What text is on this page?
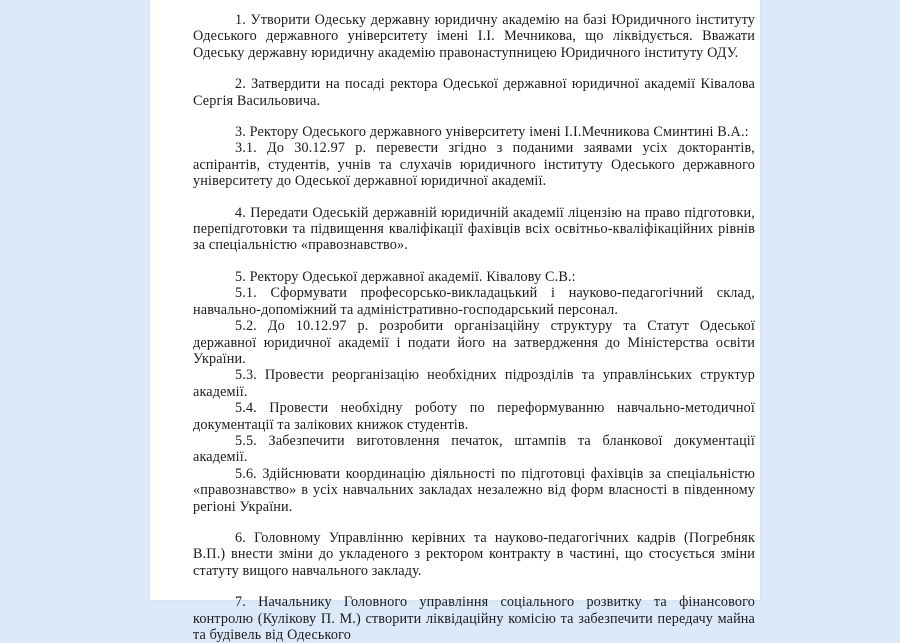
1. Утворити Одеську державну юридичну академію на базі Юридичного інституту Одеського державного університету імені І.І. Мечникова, що ліквідується. Вважати Одеську державну юридичну академію правонаступницею Юридичного інституту ОДУ.

2. Затвердити на посаді ректора Одеської державної юридичної академії Ківалова Сергія Васильовича.

3. Ректору Одеського державного університету імені І.І.Мечникова Сминтині В.А.:

3.1. До 30.12.97 р. перевести згідно з поданими заявами усіх докторантів, аспірантів, студентів, учнів та слухачів юридичного інституту Одеського державного університету до Одеської державної юридичної академії.

4. Передати Одеській державній юридичній академії ліцензію на право підготовки, перепідготовки та підвищення кваліфікації фахівців всіх освітньо-кваліфікаційних рівнів за спеціальністю «правознавство».

5. Ректору Одеської державної академії. Ківалову С.В.:

5.1. Сформувати професорсько-викладацький і науково-педагогічний склад, навчально-допоміжний та адміністративно-господарський персонал.

5.2. До 10.12.97 р. розробити організаційну структуру та Статут Одеської державної юридичної академії і подати його на затвердження до Міністерства освіти України.

5.3. Провести реорганізацію необхідних підрозділів та управлінських структур академії.

5.4. Провести необхідну роботу по переформуванню навчально-методичної документації та залікових книжок студентів.

5.5. Забезпечити виготовлення печаток, штампів та бланкової документації академії.

5.6. Здійснювати координацію діяльності по підготовці фахівців за спеціальністю «правознавство» в усіх навчальних закладах незалежно від форм власності в південному регіоні України.

6. Головному Управлінню керівних та науково-педагогічних кадрів (Погребняк В.П.) внести зміни до укладеного з ректором контракту в частині, що стосується зміни статуту вищого навчального закладу.

7. Начальнику Головного управління соціального розвитку та фінансового контролю (Кулікову П. М.) створити ліквідаційну комісію та забезпечити передачу майна та будівель від Одеського
